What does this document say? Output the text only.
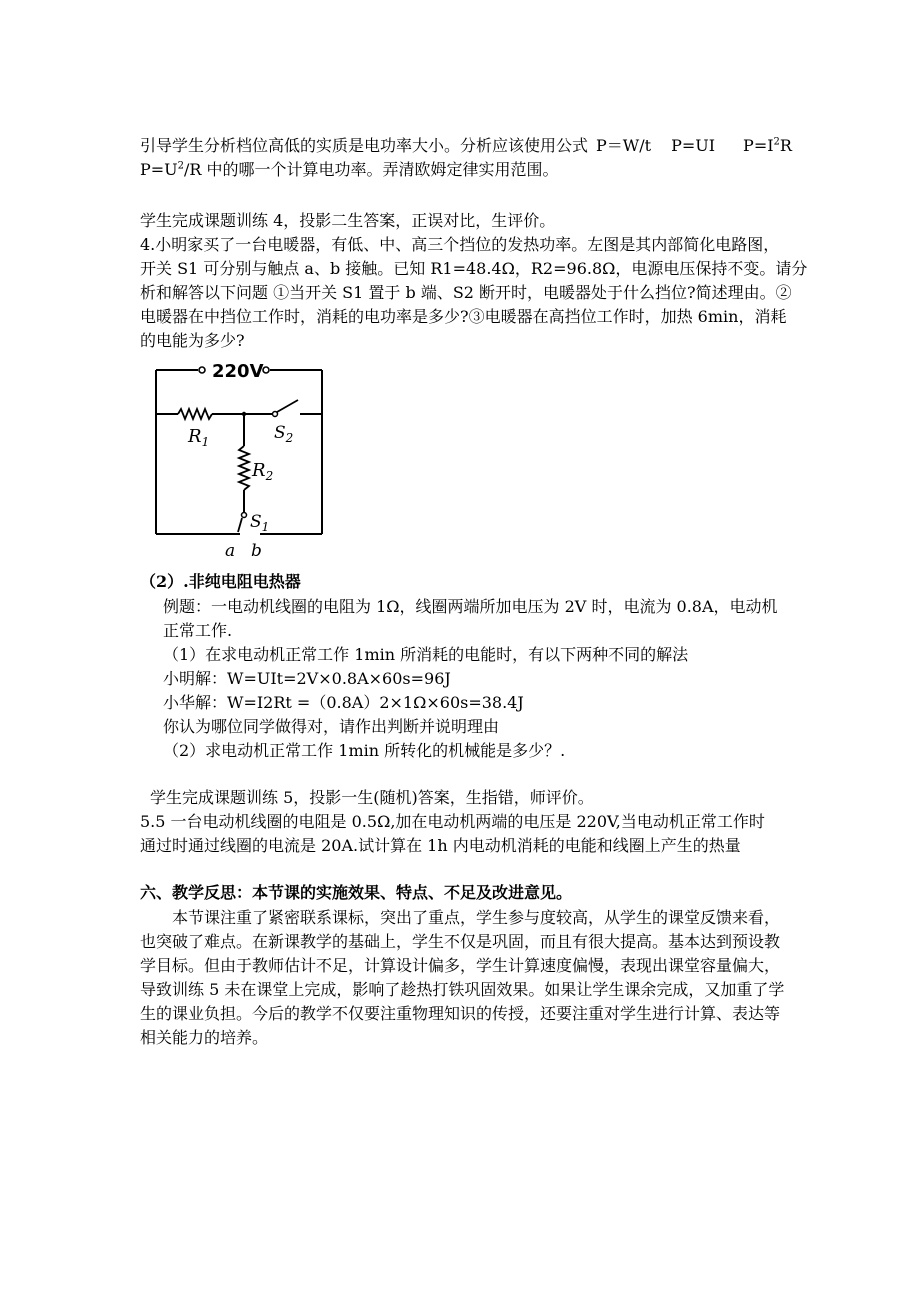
引导学生分析档位高低的实质是电功率大小。分析应该使用公式 P＝W/t P=UI $P=I^2R$
$P=U^2/R$ 中的哪一个计算电功率。弄清欧姆定律实用范围。
学生完成课题训练 4，投影二生答案，正误对比，生评价。
4.小明家买了一台电暖器，有低、中、高三个挡位的发热功率。左图是其内部简化电路图，
开关 S1 可分别与触点 a、b 接触。已知 R1=48.4Ω，R2=96.8Ω，电源电压保持不变。请分
析和解答以下问题 ①当开关 S1 置于 b 端、S2 断开时，电暖器处于什么挡位?简述理由。②
电暖器在中挡位工作时，消耗的电功率是多少?③电暖器在高挡位工作时，加热 6min，消耗
的电能为多少?
220V
$R_1$
$R_2$
$S_2$
$S_1$
a b
（2）.非纯电阻电热器
例题：一电动机线圈的电阻为 1Ω，线圈两端所加电压为 2V 时，电流为 0.8A，电动机
正常工作.
（1）在求电动机正常工作 1min 所消耗的电能时，有以下两种不同的解法
小明解：W=UIt=2V×0.8A×60s=96J
小华解：W=I2Rt =（0.8A）2×1Ω×60s=38.4J
你认为哪位同学做得对，请作出判断并说明理由
（2）求电动机正常工作 1min 所转化的机械能是多少？.
学生完成课题训练 5，投影一生(随机)答案，生指错，师评价。
5.5 一台电动机线圈的电阻是 0.5Ω,加在电动机两端的电压是 220V,当电动机正常工作时
通过时通过线圈的电流是 20A.试计算在 1h 内电动机消耗的电能和线圈上产生的热量
六、教学反思：本节课的实施效果、特点、不足及改进意见。
本节课注重了紧密联系课标，突出了重点，学生参与度较高，从学生的课堂反馈来看，
也突破了难点。在新课教学的基础上，学生不仅是巩固，而且有很大提高。基本达到预设教
学目标。但由于教师估计不足，计算设计偏多，学生计算速度偏慢，表现出课堂容量偏大，
导致训练 5 未在课堂上完成，影响了趁热打铁巩固效果。如果让学生课余完成，又加重了学
生的课业负担。今后的教学不仅要注重物理知识的传授，还要注重对学生进行计算、表达等
相关能力的培养。
